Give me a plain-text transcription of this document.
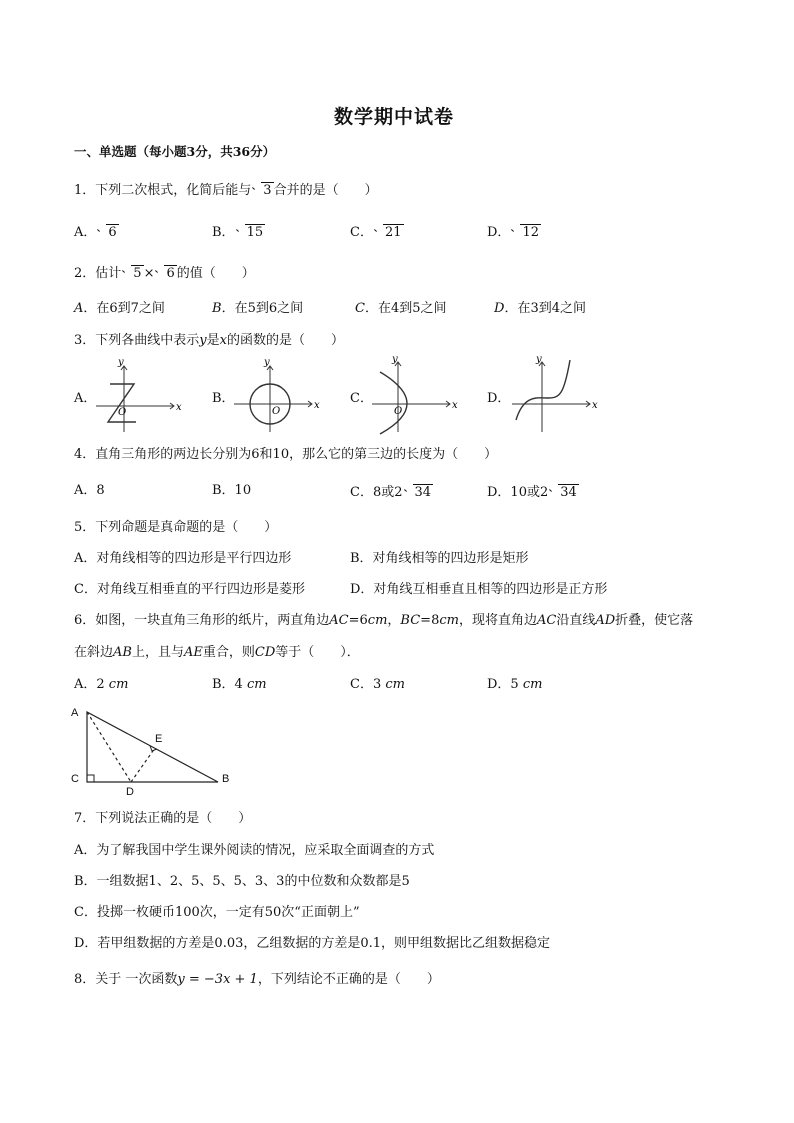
数学期中试卷
一、单选题（每小题3分，共36分）
1．下列二次根式，化简后能与 3 合并的是（　　）
A． 6	B． 15	C． 21	D． 12
2．估计 5 × 6 的值（　　）
A．在6到7之间	B．在5到6之间	C．在4到5之间	D．在3到4之间
3．下列各曲线中表示y是x的函数的是（　　）
A．	B．	C．	D．
x
y
O
x
y
O
x
y
O
x
y
4．直角三角形的两边长分别为6和10，那么它的第三边的长度为（　　）
A．8	B．10	C．8或2 34	D．10或2 34
5．下列命题是真命题的是（　　）
A．对角线相等的四边形是平行四边形	B．对角线相等的四边形是矩形
C．对角线互相垂直的平行四边形是菱形	D．对角线互相垂直且相等的四边形是正方形
6．如图，一块直角三角形的纸片，两直角边AC=6cm，BC=8cm，现将直角边AC沿直线AD折叠，使它落
在斜边AB上，且与AE重合，则CD等于（　　）．
A．2 cm	B．4 cm	C．3 cm	D．5 cm
A
C
D
E
B
7．下列说法正确的是（　　）
A．为了解我国中学生课外阅读的情况，应采取全面调查的方式
B．一组数据1、2、5、5、5、3、3的中位数和众数都是5
C．投掷一枚硬币100次，一定有50次“正面朝上”
D．若甲组数据的方差是0.03，乙组数据的方差是0.1，则甲组数据比乙组数据稳定
8．关于 一次函数y = −3x + 1，下列结论不正确的是（　　）
